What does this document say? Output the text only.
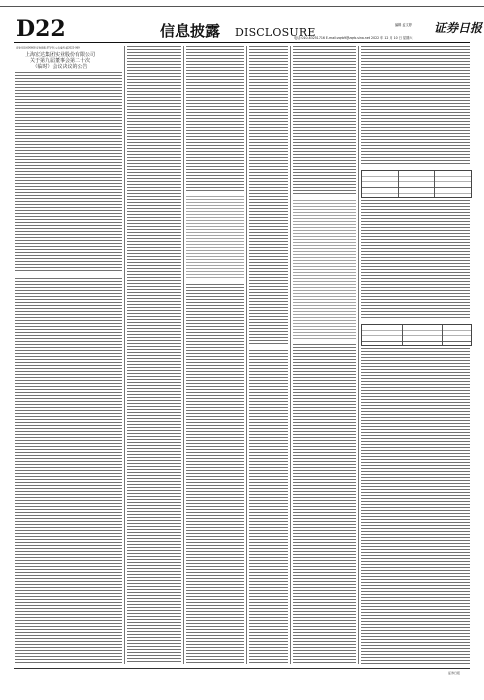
D22	信息披露 DISCLOSURE
编辑 孟文婷 证券日报
电话:010-83251716 E-mail:zqrb9@zqrb.sina.net 2022 年 12 月 10 日 星期六
证券代码:600608 证券简称:ST沪科 公告编号:临2022-069
上海宏达集团实业股份有限公司
关于第九届董事会第二十次
（临时）会议决议的公告
证券日报
